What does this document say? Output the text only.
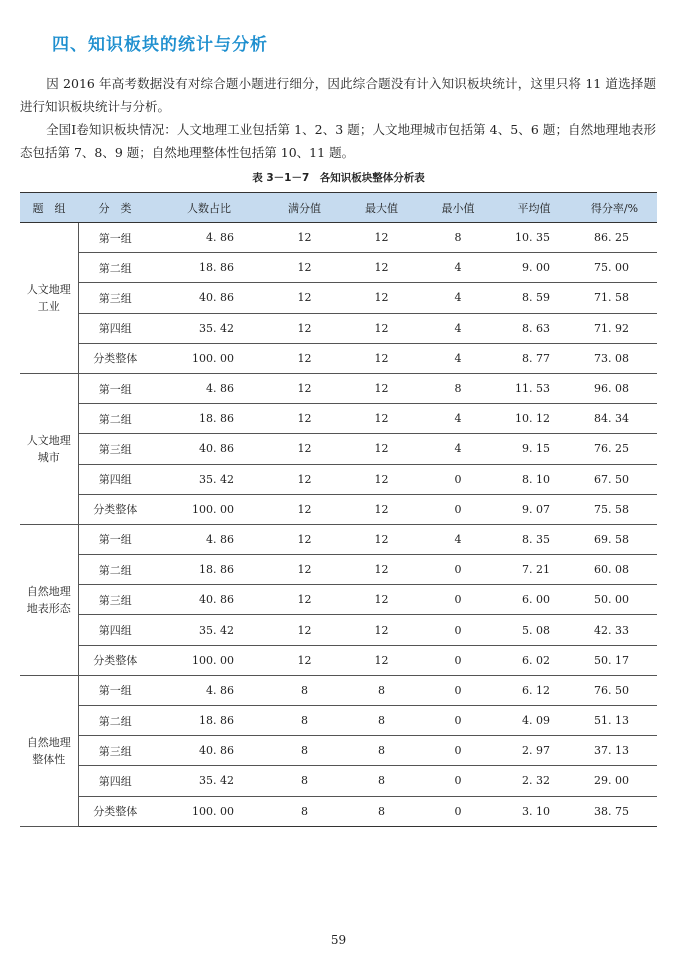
四、知识板块的统计与分析
因 2016 年高考数据没有对综合题小题进行细分，因此综合题没有计入知识板块统计，这里只将 11 道选择题进行知识板块统计与分析。
全国Ⅰ卷知识板块情况：人文地理工业包括第 1、2、3 题；人文地理城市包括第 4、5、6 题；自然地理地表形态包括第 7、8、9 题；自然地理整体性包括第 10、11 题。
表 3－1－7　各知识板块整体分析表
题　组	分　类	人数占比	满分值	最大值	最小值	平均值	得分率/%
人文地理
工业	第一组	4. 86	12	12	8	10. 35	86. 25
	第二组	18. 86	12	12	4	9. 00	75. 00
	第三组	40. 86	12	12	4	8. 59	71. 58
	第四组	35. 42	12	12	4	8. 63	71. 92
	分类整体	100. 00	12	12	4	8. 77	73. 08
人文地理
城市	第一组	4. 86	12	12	8	11. 53	96. 08
	第二组	18. 86	12	12	4	10. 12	84. 34
	第三组	40. 86	12	12	4	9. 15	76. 25
	第四组	35. 42	12	12	0	8. 10	67. 50
	分类整体	100. 00	12	12	0	9. 07	75. 58
自然地理
地表形态	第一组	4. 86	12	12	4	8. 35	69. 58
	第二组	18. 86	12	12	0	7. 21	60. 08
	第三组	40. 86	12	12	0	6. 00	50. 00
	第四组	35. 42	12	12	0	5. 08	42. 33
	分类整体	100. 00	12	12	0	6. 02	50. 17
自然地理
整体性	第一组	4. 86	8	8	0	6. 12	76. 50
	第二组	18. 86	8	8	0	4. 09	51. 13
	第三组	40. 86	8	8	0	2. 97	37. 13
	第四组	35. 42	8	8	0	2. 32	29. 00
	分类整体	100. 00	8	8	0	3. 10	38. 75
59
